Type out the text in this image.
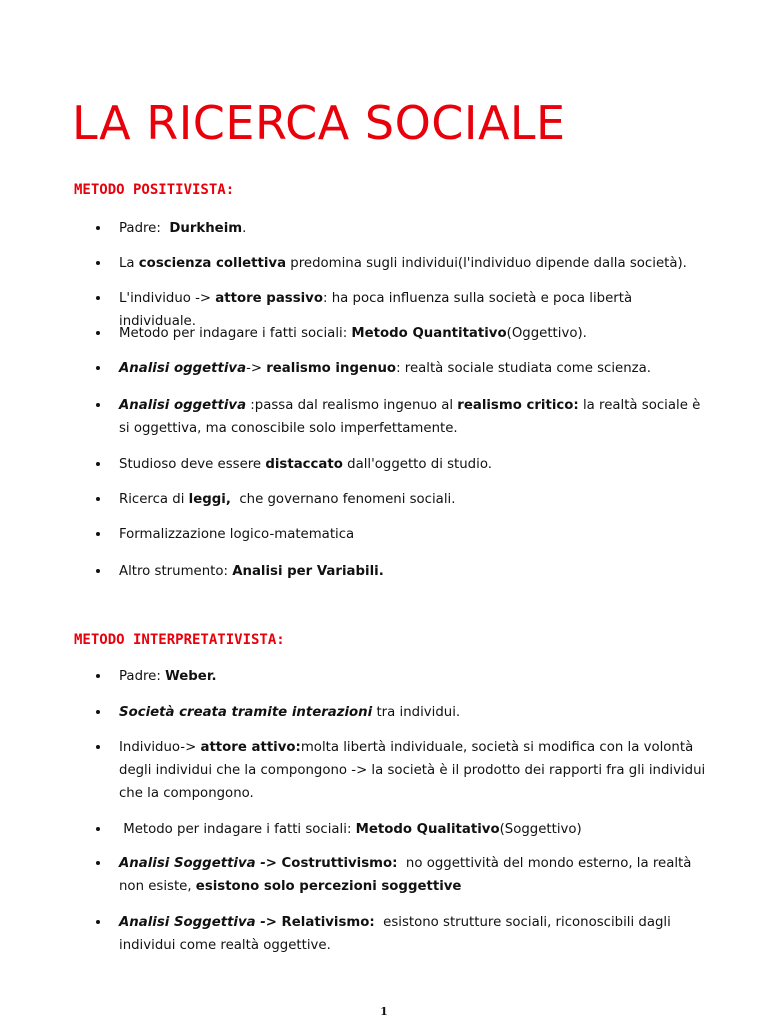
LA RICERCA SOCIALE
METODO POSITIVISTA:
Padre:  Durkheim.
La coscienza collettiva predomina sugli individui(l'individuo dipende dalla società).
L'individuo -> attore passivo: ha poca influenza sulla società e poca libertà individuale.
Metodo per indagare i fatti sociali: Metodo Quantitativo(Oggettivo).
Analisi oggettiva-> realismo ingenuo: realtà sociale studiata come scienza.
Analisi oggettiva :passa dal realismo ingenuo al realismo critico: la realtà sociale è si oggettiva, ma conoscibile solo imperfettamente.
Studioso deve essere distaccato dall'oggetto di studio.
Ricerca di leggi,  che governano fenomeni sociali.
Formalizzazione logico-matematica
Altro strumento: Analisi per Variabili.
METODO INTERPRETATIVISTA:
Padre: Weber.
Società creata tramite interazioni tra individui.
Individuo-> attore attivo:molta libertà individuale, società si modifica con la volontà degli individui che la compongono -> la società è il prodotto dei rapporti fra gli individui che la compongono.
Metodo per indagare i fatti sociali: Metodo Qualitativo(Soggettivo)
Analisi Soggettiva -> Costruttivismo:  no oggettività del mondo esterno, la realtà non esiste, esistono solo percezioni soggettive
Analisi Soggettiva -> Relativismo:  esistono strutture sociali, riconoscibili dagli individui come realtà oggettive.
1
